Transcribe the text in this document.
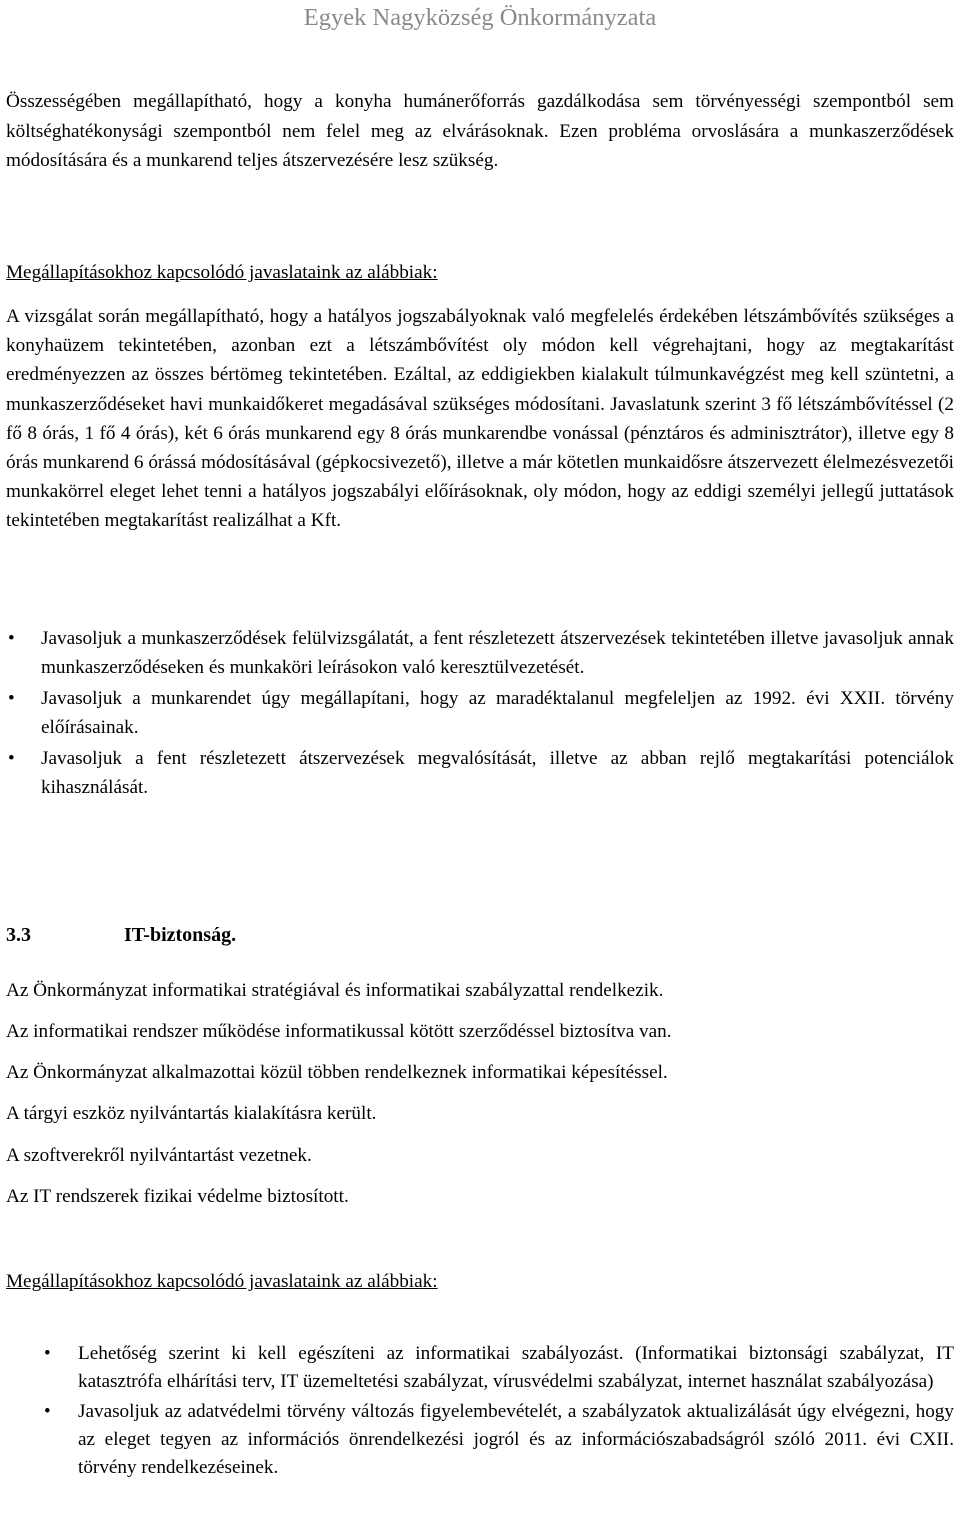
Egyek Nagyközség Önkormányzata

Összességében megállapítható, hogy a konyha humánerőforrás gazdálkodása sem törvényességi szempontból sem költséghatékonysági szempontból nem felel meg az elvárásoknak. Ezen probléma orvoslására a munkaszerződések módosítására és a munkarend teljes átszervezésére lesz szükség.

Megállapításokhoz kapcsolódó javaslataink az alábbiak:

A vizsgálat során megállapítható, hogy a hatályos jogszabályoknak való megfelelés érdekében létszámbővítés szükséges a konyhaüzem tekintetében, azonban ezt a létszámbővítést oly módon kell végrehajtani, hogy az megtakarítást eredményezzen az összes bértömeg tekintetében. Ezáltal, az eddigiekben kialakult túlmunkavégzést meg kell szüntetni, a munkaszerződéseket havi munkaidőkeret megadásával szükséges módosítani. Javaslatunk szerint 3 fő létszámbővítéssel (2 fő 8 órás, 1 fő 4 órás), két 6 órás munkarend egy 8 órás munkarendbe vonással (pénztáros és adminisztrátor), illetve egy 8 órás munkarend 6 órássá módosításával (gépkocsivezető), illetve a már kötetlen munkaidősre átszervezett élelmezésvezetői munkakörrel eleget lehet tenni a hatályos jogszabályi előírásoknak, oly módon, hogy az eddigi személyi jellegű juttatások tekintetében megtakarítást realizálhat a Kft.

• Javasoljuk a munkaszerződések felülvizsgálatát, a fent részletezett átszervezések tekintetében illetve javasoljuk annak munkaszerződéseken és munkaköri leírásokon való keresztülvezetését.
• Javasoljuk a munkarendet úgy megállapítani, hogy az maradéktalanul megfeleljen az 1992. évi XXII. törvény előírásainak.
• Javasoljuk a fent részletezett átszervezések megvalósítását, illetve az abban rejlő megtakarítási potenciálok kihasználását.
3.3	IT-biztonság.
Az Önkormányzat informatikai stratégiával és informatikai szabályzattal rendelkezik.
Az informatikai rendszer működése informatikussal kötött szerződéssel biztosítva van.
Az Önkormányzat alkalmazottai közül többen rendelkeznek informatikai képesítéssel.
A tárgyi eszköz nyilvántartás kialakításra került.
A szoftverekről nyilvántartást vezetnek.
Az IT rendszerek fizikai védelme biztosított.
Megállapításokhoz kapcsolódó javaslataink az alábbiak:
• Lehetőség szerint ki kell egészíteni az informatikai szabályozást. (Informatikai biztonsági szabályzat, IT katasztrófa elhárítási terv, IT üzemeltetési szabályzat, vírusvédelmi szabályzat, internet használat szabályozása)
• Javasoljuk az adatvédelmi törvény változás figyelembevételét, a szabályzatok aktualizálását úgy elvégezni, hogy az eleget tegyen az információs önrendelkezési jogról és az információszabadságról szóló 2011. évi CXII. törvény rendelkezéseinek.
